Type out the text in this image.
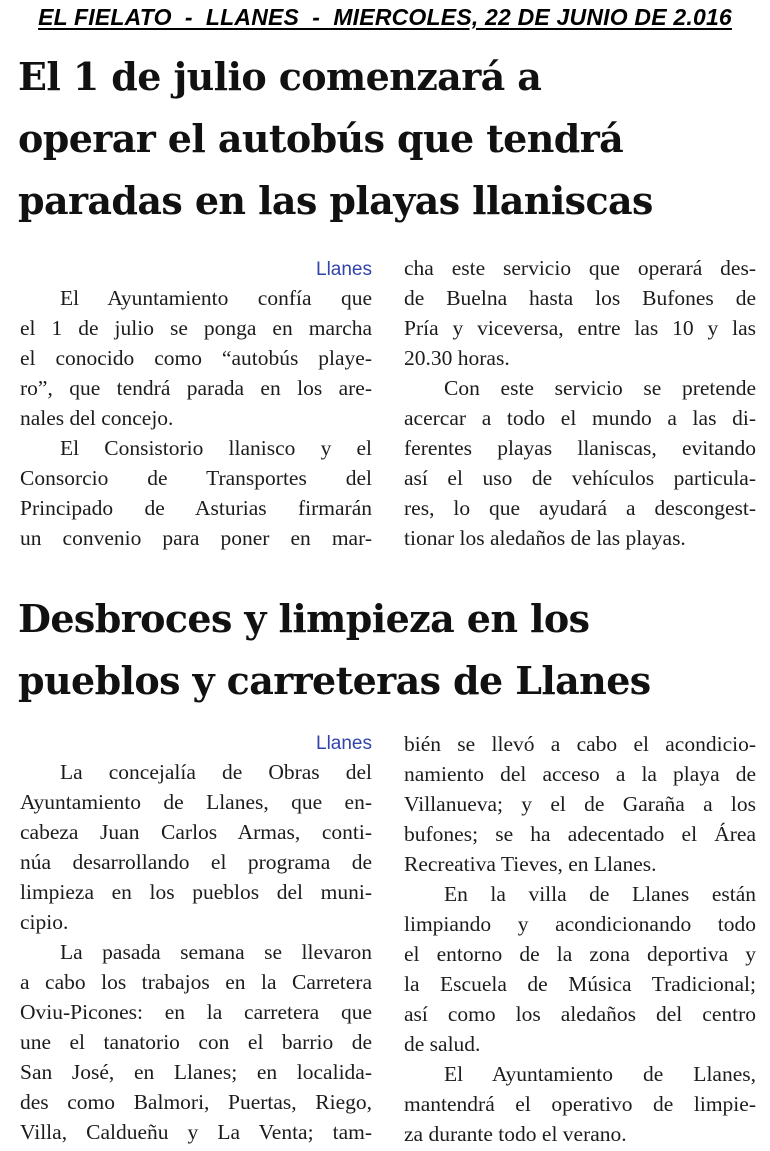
EL FIELATO  -  LLANES  -  MIERCOLES, 22 DE JUNIO DE 2.016
El 1 de julio comenzará a
operar el autobús que tendrá
paradas en las playas llaniscas
Llanes
El Ayuntamiento confía que
el 1 de julio se ponga en marcha
el conocido como “autobús playe-
ro”, que tendrá parada en los are-
nales del concejo.
El Consistorio llanisco y el
Consorcio de Transportes del
Principado de Asturias firmarán
un convenio para poner en mar-
cha este servicio que operará des-
de Buelna hasta los Bufones de
Pría y viceversa, entre las 10 y las
20.30 horas.
Con este servicio se pretende
acercar a todo el mundo a las di-
ferentes playas llaniscas, evitando
así el uso de vehículos particula-
res, lo que ayudará a descongest-
tionar los aledaños de las playas.
Desbroces y limpieza en los
pueblos y carreteras de Llanes
Llanes
La concejalía de Obras del
Ayuntamiento de Llanes, que en-
cabeza Juan Carlos Armas, conti-
núa desarrollando el programa de
limpieza en los pueblos del muni-
cipio.
La pasada semana se llevaron
a cabo los trabajos en la Carretera
Oviu-Picones: en la carretera que
une el tanatorio con el barrio de
San José, en Llanes; en localida-
des como Balmori, Puertas, Riego,
Villa, Caldueñu y La Venta; tam-
bién se llevó a cabo el acondicio-
namiento del acceso a la playa de
Villanueva; y el de Garaña a los
bufones; se ha adecentado el Área
Recreativa Tieves, en Llanes.
En la villa de Llanes están
limpiando y acondicionando todo
el entorno de la zona deportiva y
la Escuela de Música Tradicional;
así como los aledaños del centro
de salud.
El Ayuntamiento de Llanes,
mantendrá el operativo de limpie-
za durante todo el verano.
